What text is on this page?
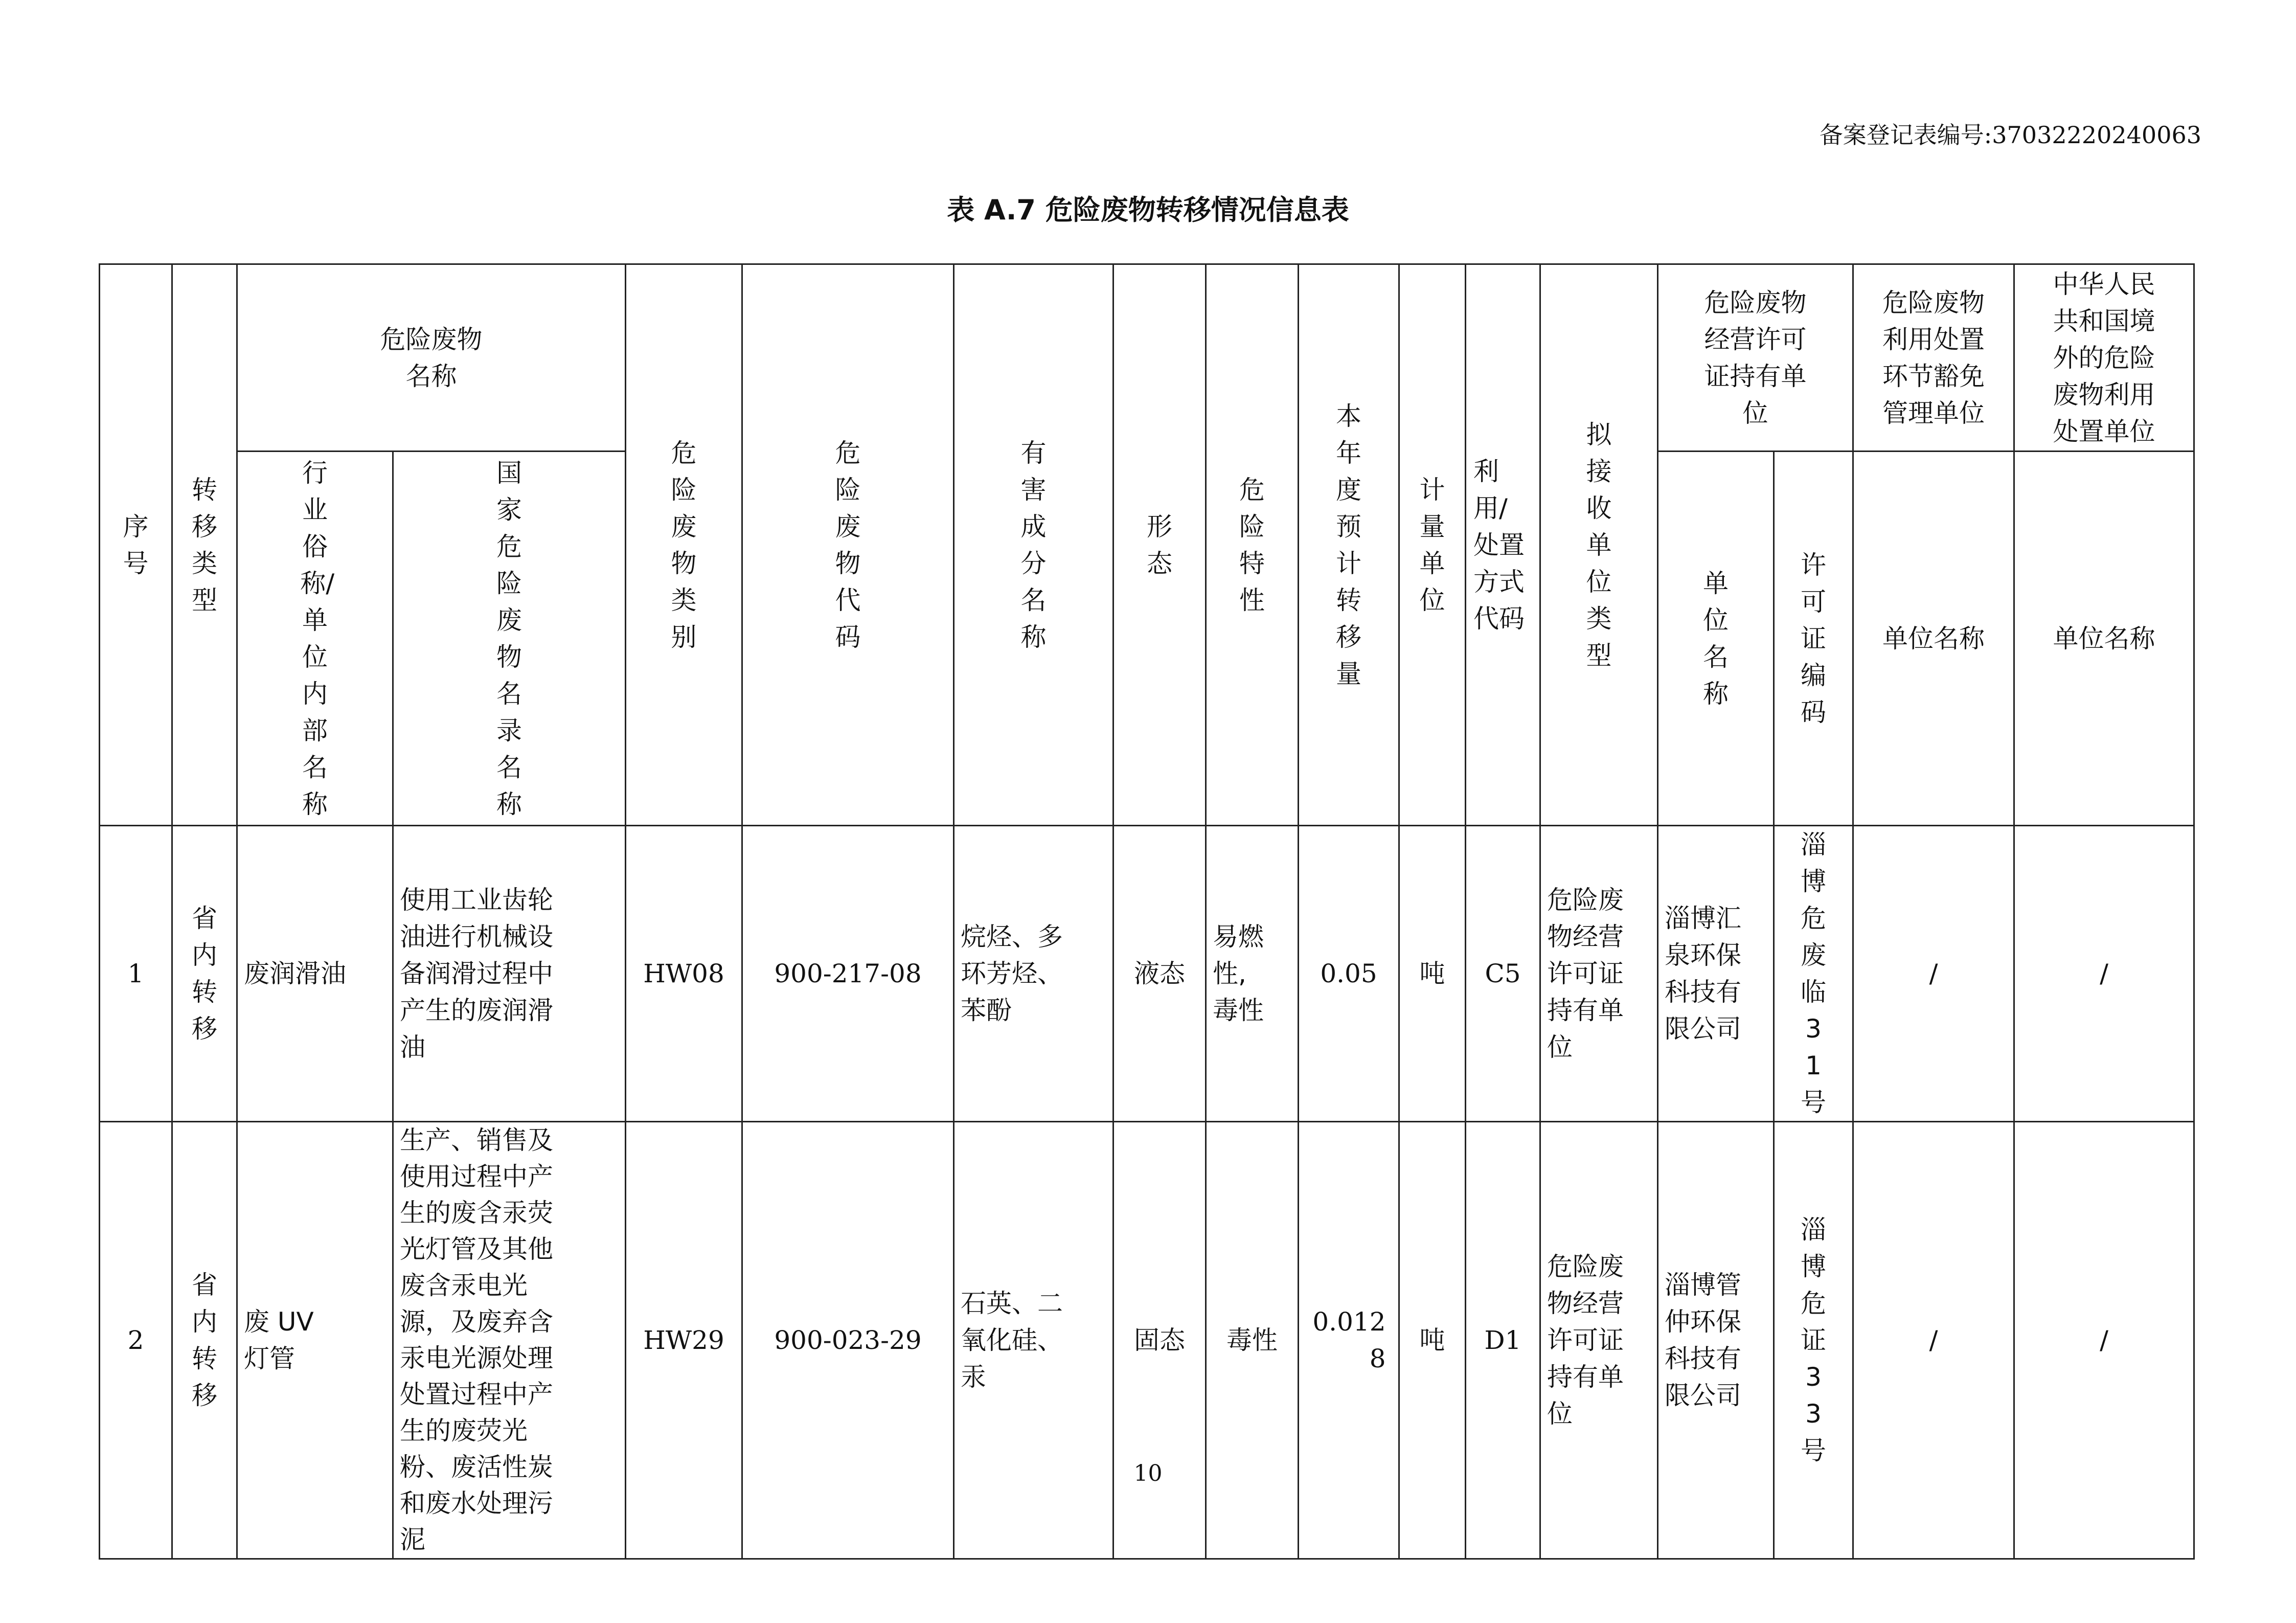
备案登记表编号:37032220240063
表 A.7 危险废物转移情况信息表
序号	转移类型	危险废物名称		危险废物类别	危险废物代码	有害成分名称	形态	危险特性	本年度预计转移量	计量单位	利用/处置方式代码	拟接收单位类型	危险废物经营许可证持有单位		危险废物利用处置环节豁免管理单位	中华人民共和国境外的危险废物利用处置单位
		行业俗称/单位内部名称	国家危险废物名录名称										单位名称	许可证编码	单位名称	单位名称
1	省内转移	废润滑油	使用工业齿轮油进行机械设备润滑过程中产生的废润滑油	HW08	900-217-08	烷烃、多环芳烃、苯酚	液态	易燃性,毒性	0.05	吨	C5	危险废物经营许可证持有单位	淄博汇泉环保科技有限公司	淄博危废临31号	/	/
2	省内转移	废 UV 灯管	生产、销售及使用过程中产生的废含汞荧光灯管及其他废含汞电光源，及废弃含汞电光源处理处置过程中产生的废荧光粉、废活性炭和废水处理污泥	HW29	900-023-29	石英、二氧化硅、汞	固态	毒性	0.0128	吨	D1	危险废物经营许可证持有单位	淄博管仲环保科技有限公司	淄博危证33号	/	/
10
